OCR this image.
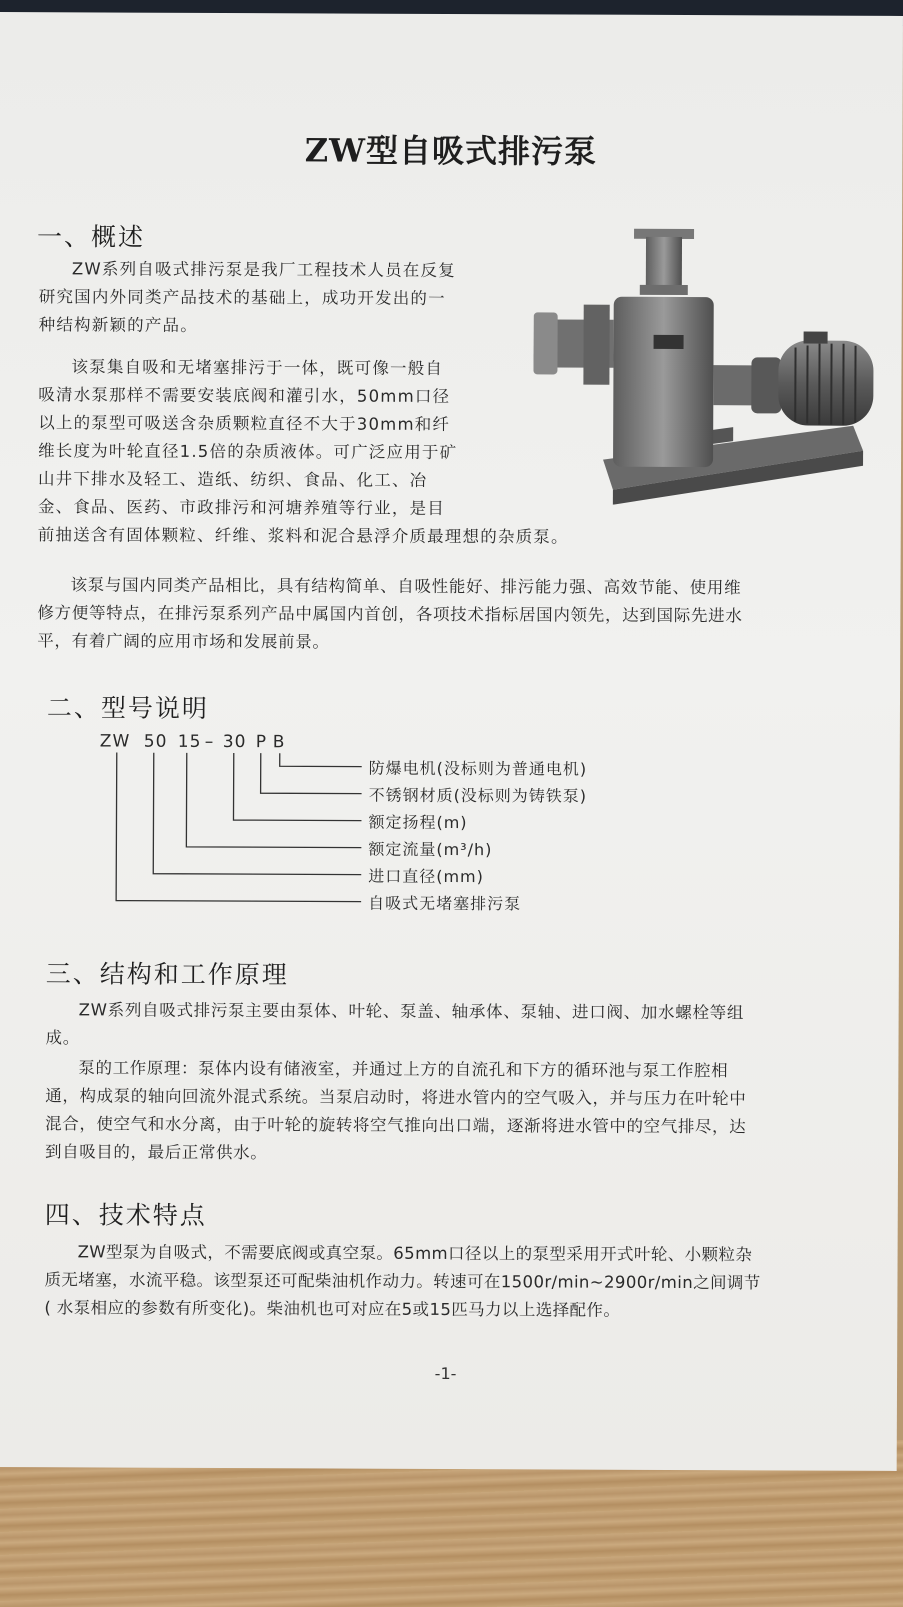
ZW型自吸式排污泵
一、概述

ZW系列自吸式排污泵是我厂工程技术人员在反复

研究国内外同类产品技术的基础上，成功开发出的一

种结构新颖的产品。

该泵集自吸和无堵塞排污于一体，既可像一般自

吸清水泵那样不需要安装底阀和灌引水，50mm口径

以上的泵型可吸送含杂质颗粒直径不大于30mm和纤

维长度为叶轮直径1.5倍的杂质液体。可广泛应用于矿

山井下排水及轻工、造纸、纺织、食品、化工、冶

金、食品、医药、市政排污和河塘养殖等行业，是目

前抽送含有固体颗粒、纤维、浆料和泥合悬浮介质最理想的杂质泵。

该泵与国内同类产品相比，具有结构简单、自吸性能好、排污能力强、高效节能、使用维

修方便等特点，在排污泵系列产品中属国内首创，各项技术指标居国内领先，达到国际先进水

平，有着广阔的应用市场和发展前景。

二、型号说明
ZW 50 15 – 30 P B
防爆电机(没标则为普通电机)
不锈钢材质(没标则为铸铁泵)
额定扬程(m)
额定流量(m³/h)
进口直径(mm)
自吸式无堵塞排污泵
三、结构和工作原理

ZW系列自吸式排污泵主要由泵体、叶轮、泵盖、轴承体、泵轴、进口阀、加水螺栓等组

成。

泵的工作原理：泵体内设有储液室，并通过上方的自流孔和下方的循环池与泵工作腔相

通，构成泵的轴向回流外混式系统。当泵启动时，将进水管内的空气吸入，并与压力在叶轮中

混合，使空气和水分离，由于叶轮的旋转将空气推向出口端，逐渐将进水管中的空气排尽，达

到自吸目的，最后正常供水。

四、技术特点

ZW型泵为自吸式，不需要底阀或真空泵。65mm口径以上的泵型采用开式叶轮、小颗粒杂

质无堵塞，水流平稳。该型泵还可配柴油机作动力。转速可在1500r/min~2900r/min之间调节

( 水泵相应的参数有所变化)。柴油机也可对应在5或15匹马力以上选择配作。

-1-
